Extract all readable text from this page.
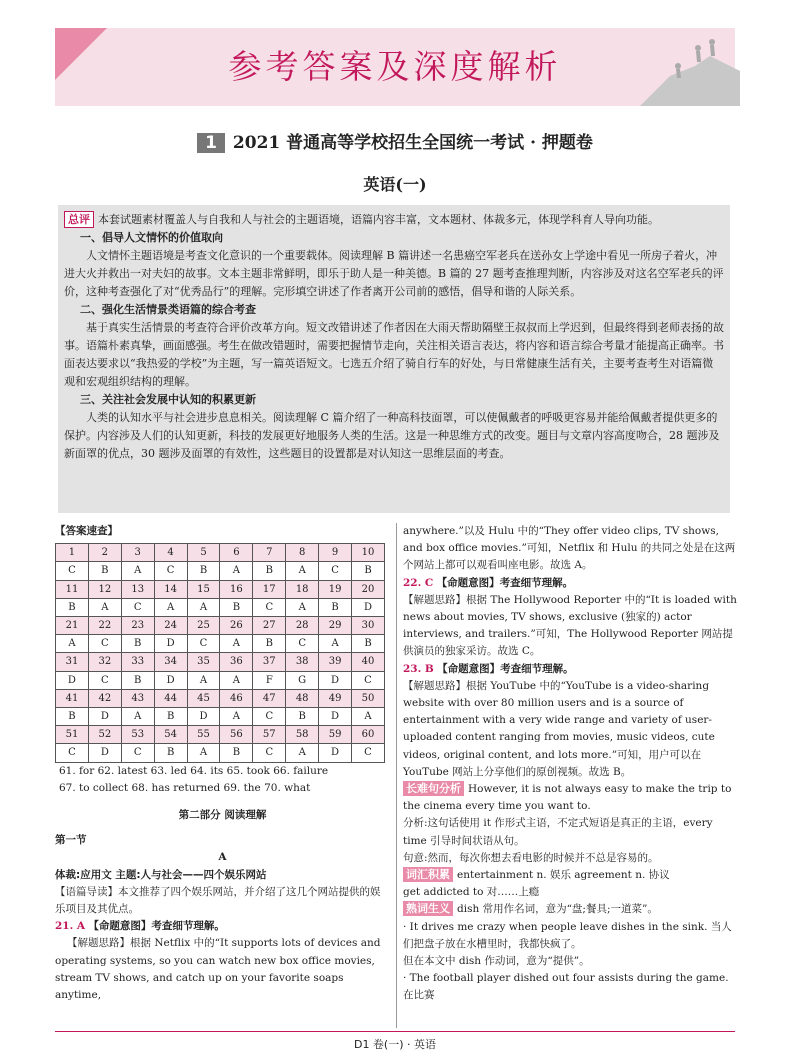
参考答案及深度解析
1 2021 普通高等学校招生全国统一考试 · 押题卷
英语(一)

总评 本套试题素材覆盖人与自我和人与社会的主题语境，语篇内容丰富，文本题材、体裁多元，体现学科育人导向功能。

一、倡导人文情怀的价值取向

人文情怀主题语境是考查文化意识的一个重要载体。阅读理解 B 篇讲述一名患癌空军老兵在送孙女上学途中看见一所房子着火，冲进大火并救出一对夫妇的故事。文本主题非常鲜明，即乐于助人是一种美德。B 篇的 27 题考查推理判断，内容涉及对这名空军老兵的评价，这种考查强化了对“优秀品行”的理解。完形填空讲述了作者离开公司前的感悟，倡导和谐的人际关系。

二、强化生活情景类语篇的综合考查

基于真实生活情景的考查符合评价改革方向。短文改错讲述了作者因在大雨天帮助隔壁王叔叔而上学迟到，但最终得到老师表扬的故事。语篇朴素真挚，画面感强。考生在做改错题时，需要把握情节走向，关注相关语言表达，将内容和语言综合考量才能提高正确率。书面表达要求以“我热爱的学校”为主题，写一篇英语短文。七选五介绍了骑自行车的好处，与日常健康生活有关，主要考查考生对语篇微观和宏观组织结构的理解。

三、关注社会发展中认知的积累更新

人类的认知水平与社会进步息息相关。阅读理解 C 篇介绍了一种高科技面罩，可以使佩戴者的呼吸更容易并能给佩戴者提供更多的保护。内容涉及人们的认知更新，科技的发展更好地服务人类的生活。这是一种思维方式的改变。题目与文章内容高度吻合，28 题涉及新面罩的优点，30 题涉及面罩的有效性，这些题目的设置都是对认知这一思维层面的考查。

【答案速查】
1	2	3	4	5	6	7	8	9	10
C	B	A	C	B	A	B	A	C	B
11	12	13	14	15	16	17	18	19	20
B	A	C	A	A	B	C	A	B	D
21	22	23	24	25	26	27	28	29	30
A	C	B	D	C	A	B	C	A	B
31	32	33	34	35	36	37	38	39	40
D	C	B	D	A	A	F	G	D	C
41	42	43	44	45	46	47	48	49	50
B	D	A	B	D	A	C	B	D	A
51	52	53	54	55	56	57	58	59	60
C	D	C	B	A	B	C	A	D	C
61. for 62. latest 63. led 64. its 65. took 66. failure
67. to collect 68. has returned 69. the 70. what
第二部分 阅读理解
第一节
A
体裁:应用文 主题:人与社会——四个娱乐网站
【语篇导读】本文推荐了四个娱乐网站，并介绍了这几个网站提供的娱乐项目及其优点。
21. A 【命题意图】考查细节理解。
【解题思路】根据 Netflix 中的“It supports lots of devices and operating systems, so you can watch new box office movies, stream TV shows, and catch up on your favorite soaps anytime,
anywhere.”以及 Hulu 中的“They offer video clips, TV shows, and box office movies.”可知，Netflix 和 Hulu 的共同之处是在这两个网站上都可以观看叫座电影。故选 A。
22. C 【命题意图】考查细节理解。
【解题思路】根据 The Hollywood Reporter 中的“It is loaded with news about movies, TV shows, exclusive (独家的) actor interviews, and trailers.”可知，The Hollywood Reporter 网站提供演员的独家采访。故选 C。
23. B 【命题意图】考查细节理解。
【解题思路】根据 YouTube 中的“YouTube is a video-sharing website with over 80 million users and is a source of entertainment with a very wide range and variety of user-uploaded content ranging from movies, music videos, cute videos, original content, and lots more.”可知，用户可以在 YouTube 网站上分享他们的原创视频。故选 B。
长难句分析 However, it is not always easy to make the trip to the cinema every time you want to.
分析:这句话使用 it 作形式主语，不定式短语是真正的主语，every time 引导时间状语从句。
句意:然而，每次你想去看电影的时候并不总是容易的。
词汇积累 entertainment n. 娱乐 agreement n. 协议
get addicted to 对……上瘾
熟词生义 dish 常用作名词，意为“盘;餐具;一道菜”。
· It drives me crazy when people leave dishes in the sink. 当人们把盘子放在水槽里时，我都快疯了。
但在本文中 dish 作动词，意为“提供”。
· The football player dished out four assists during the game. 在比赛
D1 卷(一) · 英语
